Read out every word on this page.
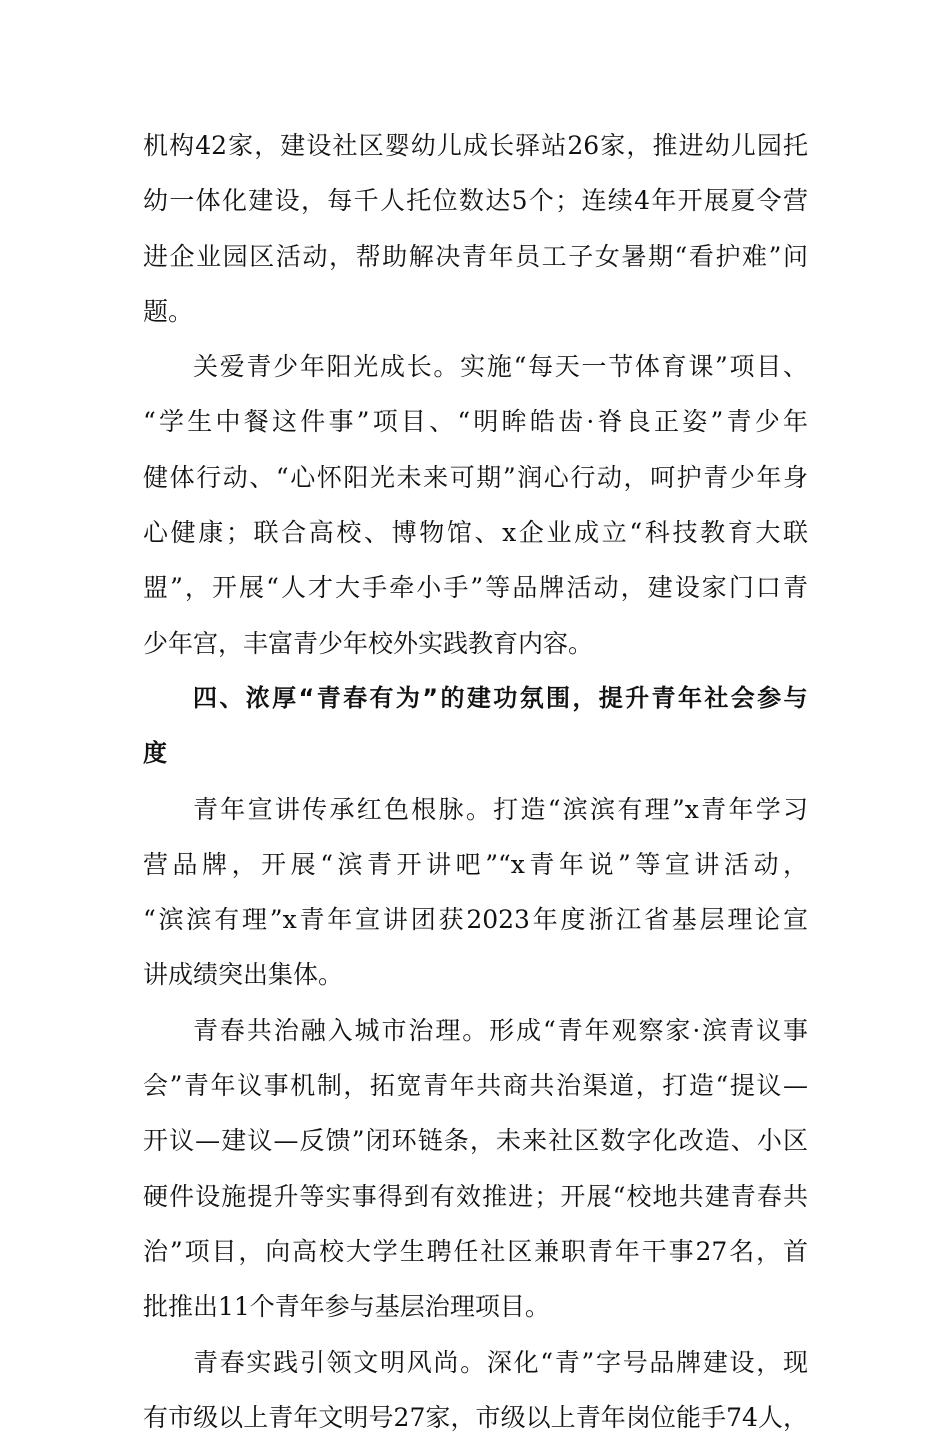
机构42家，建设社区婴幼儿成长驿站26家，推进幼儿园托
幼一体化建设，每千人托位数达5个；连续4年开展夏令营
进企业园区活动，帮助解决青年员工子女暑期“看护难”问
题。
关爱青少年阳光成长。实施“每天一节体育课”项目、
“学生中餐这件事”项目、“明眸皓齿·脊良正姿”青少年
健体行动、“心怀阳光未来可期”润心行动，呵护青少年身
心健康；联合高校、博物馆、x企业成立“科技教育大联
盟”，开展“人才大手牵小手”等品牌活动，建设家门口青
少年宫，丰富青少年校外实践教育内容。
四、浓厚“青春有为”的建功氛围，提升青年社会参与
度
青年宣讲传承红色根脉。打造“滨滨有理”x青年学习
营品牌，开展“滨青开讲吧”“x青年说”等宣讲活动，
“滨滨有理”x青年宣讲团获2023年度浙江省基层理论宣
讲成绩突出集体。
青春共治融入城市治理。形成“青年观察家·滨青议事
会”青年议事机制，拓宽青年共商共治渠道，打造“提议—
开议—建议—反馈”闭环链条，未来社区数字化改造、小区
硬件设施提升等实事得到有效推进；开展“校地共建青春共
治”项目，向高校大学生聘任社区兼职青年干事27名，首
批推出11个青年参与基层治理项目。
青春实践引领文明风尚。深化“青”字号品牌建设，现
有市级以上青年文明号27家，市级以上青年岗位能手74人，
